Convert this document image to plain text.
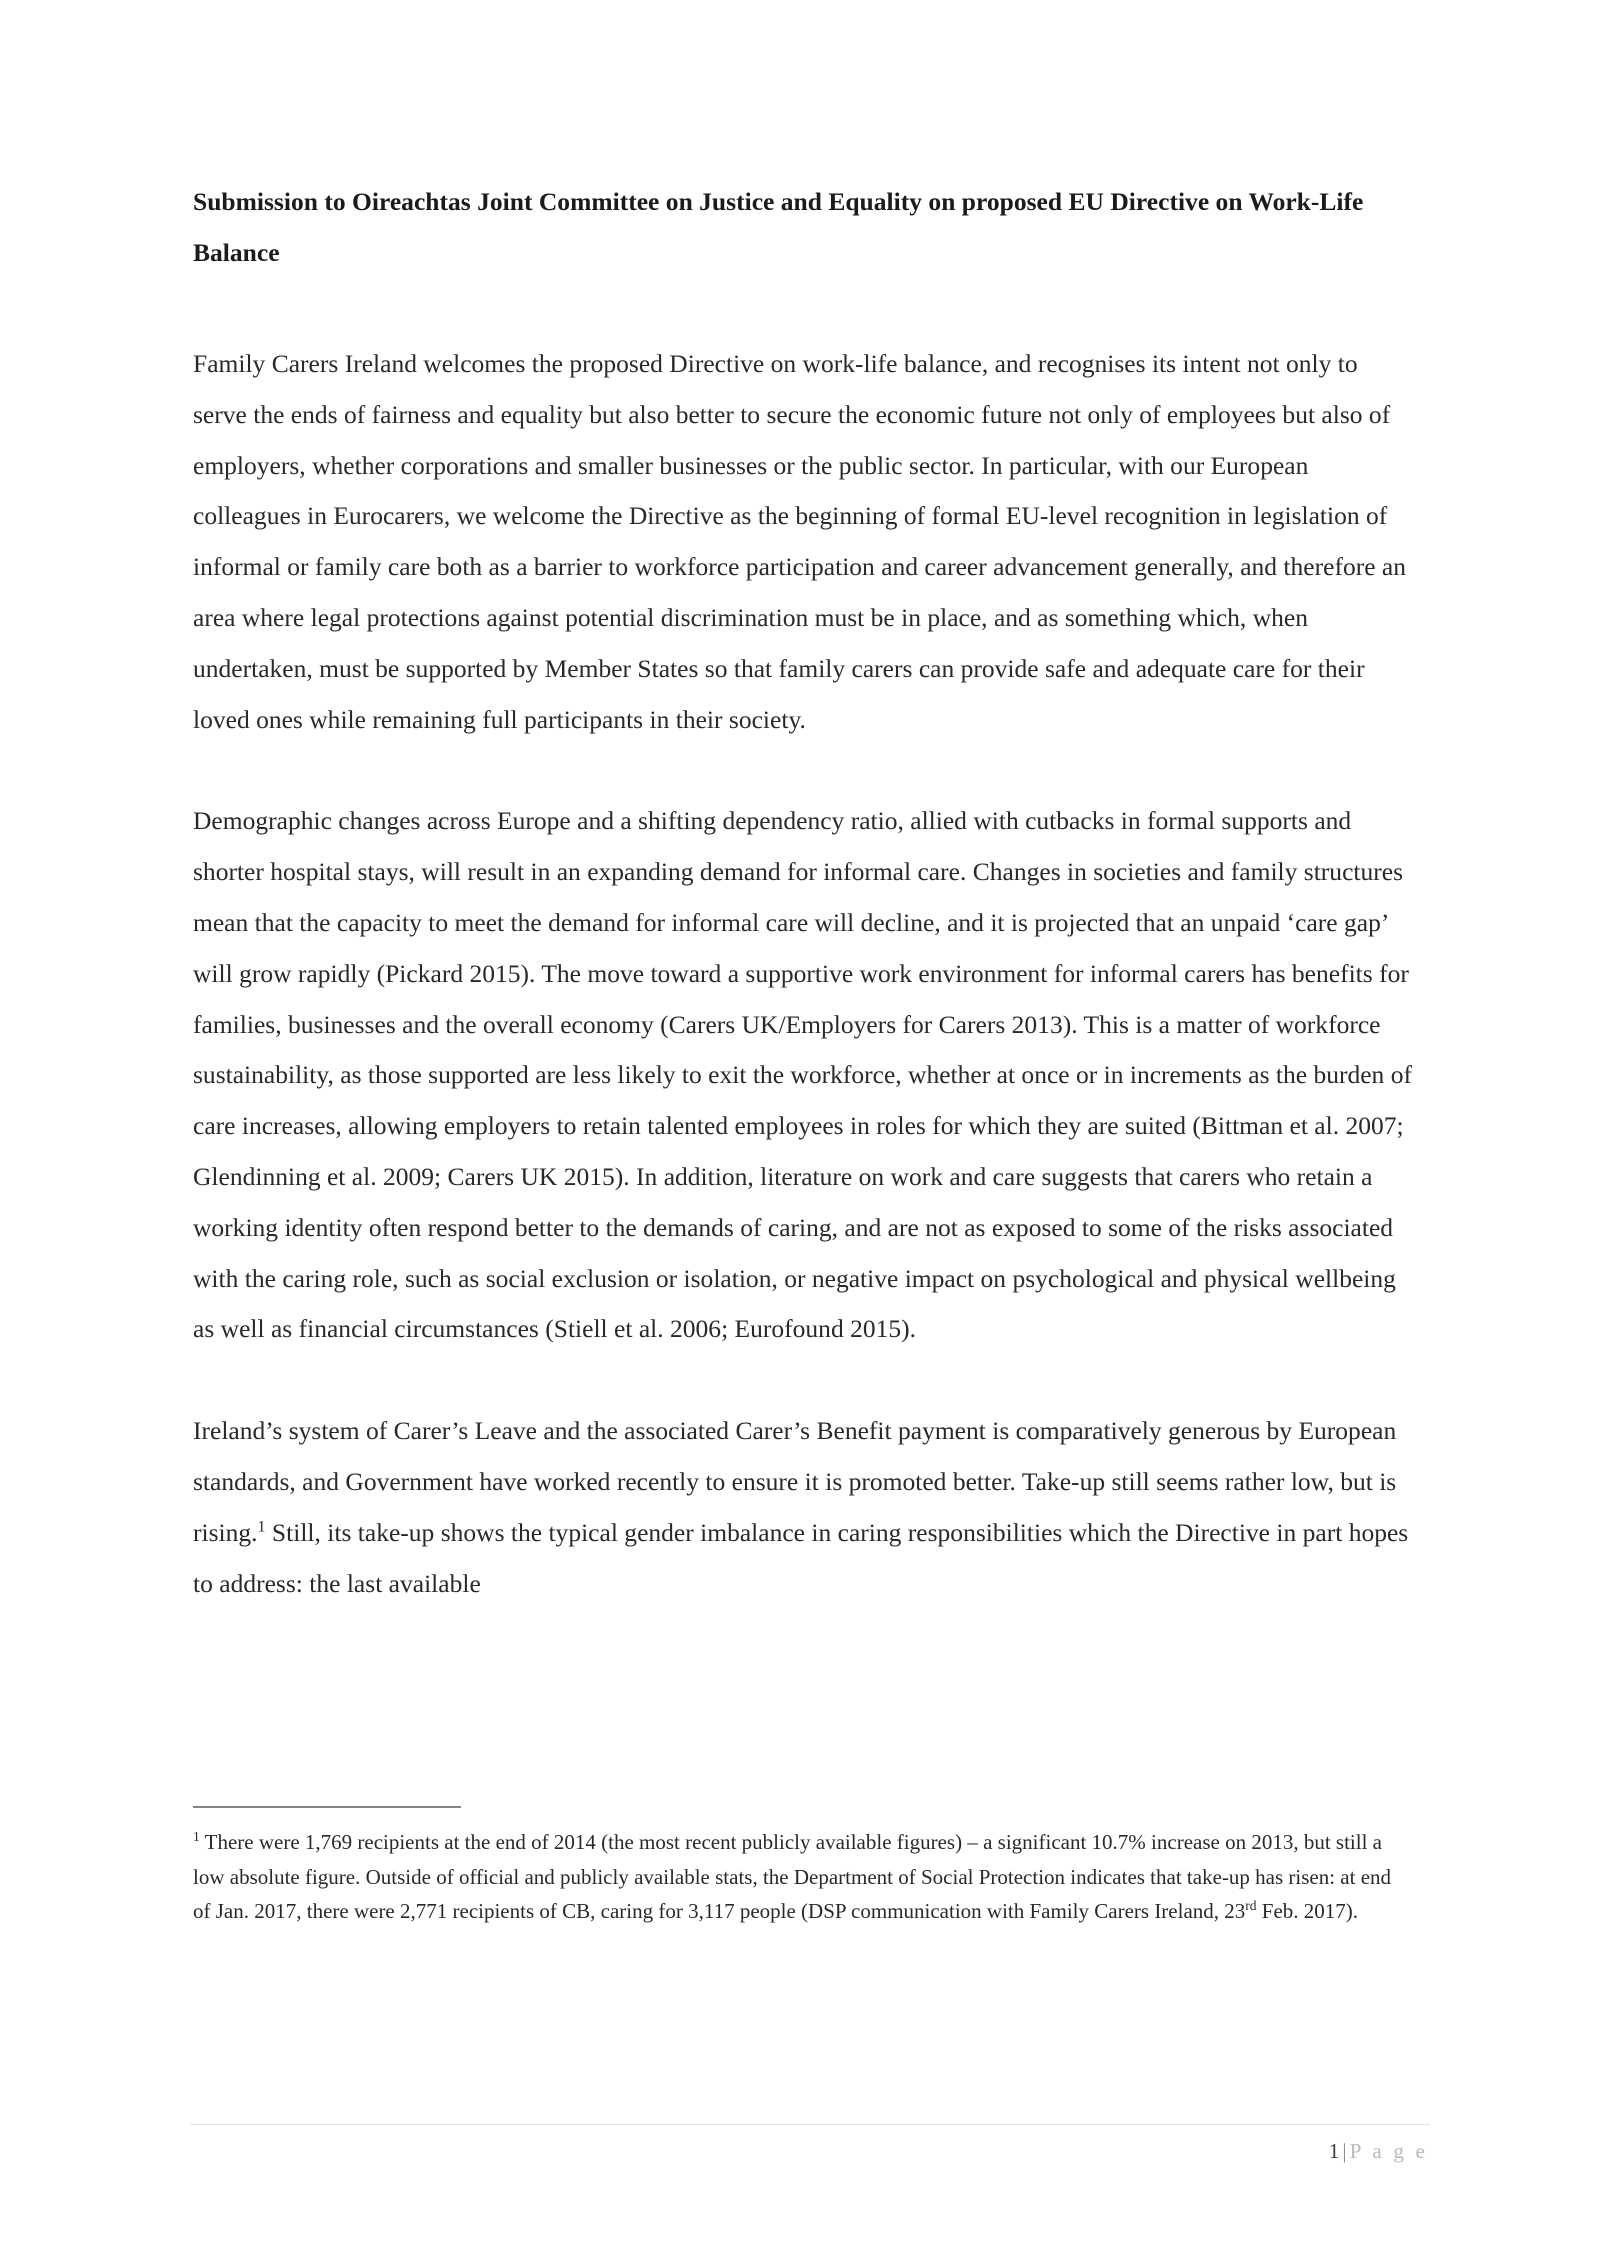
Submission to Oireachtas Joint Committee on Justice and Equality on proposed EU Directive on Work-Life Balance

Family Carers Ireland welcomes the proposed Directive on work-life balance, and recognises its intent not only to serve the ends of fairness and equality but also better to secure the economic future not only of employees but also of employers, whether corporations and smaller businesses or the public sector. In particular, with our European colleagues in Eurocarers, we welcome the Directive as the beginning of formal EU-level recognition in legislation of informal or family care both as a barrier to workforce participation and career advancement generally, and therefore an area where legal protections against potential discrimination must be in place, and as something which, when undertaken, must be supported by Member States so that family carers can provide safe and adequate care for their loved ones while remaining full participants in their society.

Demographic changes across Europe and a shifting dependency ratio, allied with cutbacks in formal supports and shorter hospital stays, will result in an expanding demand for informal care. Changes in societies and family structures mean that the capacity to meet the demand for informal care will decline, and it is projected that an unpaid ‘care gap’ will grow rapidly (Pickard 2015). The move toward a supportive work environment for informal carers has benefits for families, businesses and the overall economy (Carers UK/Employers for Carers 2013). This is a matter of workforce sustainability, as those supported are less likely to exit the workforce, whether at once or in increments as the burden of care increases, allowing employers to retain talented employees in roles for which they are suited (Bittman et al. 2007; Glendinning et al. 2009; Carers UK 2015). In addition, literature on work and care suggests that carers who retain a working identity often respond better to the demands of caring, and are not as exposed to some of the risks associated with the caring role, such as social exclusion or isolation, or negative impact on psychological and physical wellbeing as well as financial circumstances (Stiell et al. 2006; Eurofound 2015).

Ireland’s system of Carer’s Leave and the associated Carer’s Benefit payment is comparatively generous by European standards, and Government have worked recently to ensure it is promoted better. Take-up still seems rather low, but is rising.$^1$ Still, its take-up shows the typical gender imbalance in caring responsibilities which the Directive in part hopes to address: the last available

$^1$ There were 1,769 recipients at the end of 2014 (the most recent publicly available figures) – a significant 10.7% increase on 2013, but still a low absolute figure. Outside of official and publicly available stats, the Department of Social Protection indicates that take-up has risen: at end of Jan. 2017, there were 2,771 recipients of CB, caring for 3,117 people (DSP communication with Family Carers Ireland, 23rd Feb. 2017).

1|P a g e
